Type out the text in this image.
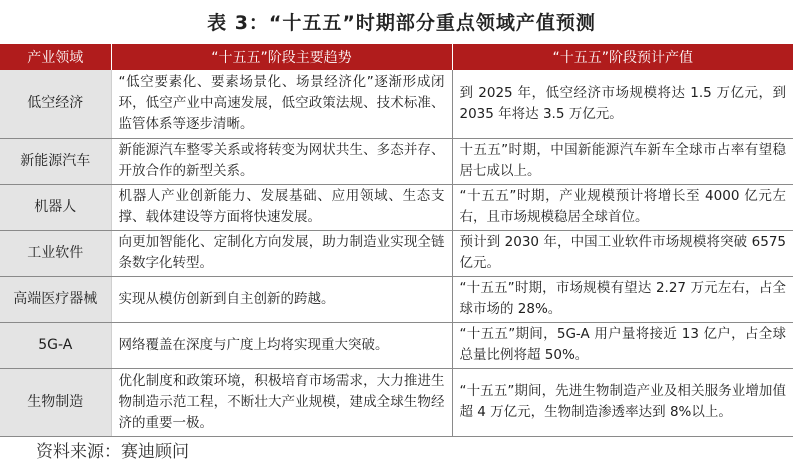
表 3：“十五五”时期部分重点领域产值预测
产业领域	“十五五”阶段主要趋势	“十五五”阶段预计产值
低空经济	“低空要素化、要素场景化、场景经济化”逐渐形成闭环，低空产业中高速发展，低空政策法规、技术标准、监管体系等逐步清晰。	到 2025 年，低空经济市场规模将达 1.5 万亿元，到 2035 年将达 3.5 万亿元。
新能源汽车	新能源汽车整零关系或将转变为网状共生、多态并存、开放合作的新型关系。	十五五”时期，中国新能源汽车新车全球市占率有望稳居七成以上。
机器人	机器人产业创新能力、发展基础、应用领域、生态支撑、载体建设等方面将快速发展。	“十五五”时期，产业规模预计将增长至 4000 亿元左右，且市场规模稳居全球首位。
工业软件	向更加智能化、定制化方向发展，助力制造业实现全链条数字化转型。	预计到 2030 年，中国工业软件市场规模将突破 6575 亿元。
高端医疗器械	实现从模仿创新到自主创新的跨越。	“十五五”时期，市场规模有望达 2.27 万元左右，占全球市场的 28%。
5G-A	网络覆盖在深度与广度上均将实现重大突破。	“十五五”期间，5G-A 用户量将接近 13 亿户，占全球总量比例将超 50%。
生物制造	优化制度和政策环境，积极培育市场需求，大力推进生物制造示范工程，不断壮大产业规模，建成全球生物经济的重要一极。	“十五五”期间，先进生物制造产业及相关服务业增加值超 4 万亿元，生物制造渗透率达到 8%以上。
资料来源：赛迪顾问
